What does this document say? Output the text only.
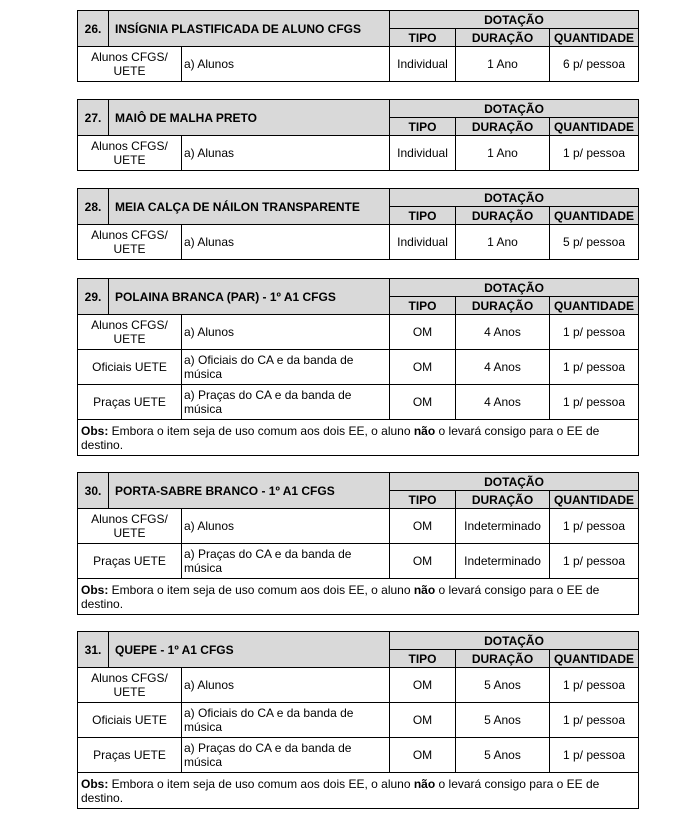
26.	INSÍGNIA PLASTIFICADA DE ALUNO CFGS		DOTAÇÃO		
			TIPO	DURAÇÃO	QUANTIDADE
Alunos CFGS/ UETE		a) Alunos	Individual	1 Ano	6 p/ pessoa
27.	MAIÔ DE MALHA PRETO		DOTAÇÃO		
			TIPO	DURAÇÃO	QUANTIDADE
Alunos CFGS/ UETE		a) Alunas	Individual	1 Ano	1 p/ pessoa
28.	MEIA CALÇA DE NÁILON TRANSPARENTE		DOTAÇÃO		
			TIPO	DURAÇÃO	QUANTIDADE
Alunos CFGS/ UETE		a) Alunas	Individual	1 Ano	5 p/ pessoa
29.	POLAINA BRANCA (PAR) - 1º A1 CFGS		DOTAÇÃO		
			TIPO	DURAÇÃO	QUANTIDADE
Alunos CFGS/ UETE		a) Alunos	OM	4 Anos	1 p/ pessoa
Oficiais UETE		a) Oficiais do CA e da banda de música	OM	4 Anos	1 p/ pessoa
Praças UETE		a) Praças do CA e da banda de música	OM	4 Anos	1 p/ pessoa
Obs: Embora o item seja de uso comum aos dois EE, o aluno não o levará consigo para o EE de destino.					
30.	PORTA-SABRE BRANCO - 1º A1 CFGS		DOTAÇÃO		
			TIPO	DURAÇÃO	QUANTIDADE
Alunos CFGS/ UETE		a) Alunos	OM	Indeterminado	1 p/ pessoa
Praças UETE		a) Praças do CA e da banda de música	OM	Indeterminado	1 p/ pessoa
Obs: Embora o item seja de uso comum aos dois EE, o aluno não o levará consigo para o EE de destino.					
31.	QUEPE - 1º A1 CFGS		DOTAÇÃO		
			TIPO	DURAÇÃO	QUANTIDADE
Alunos CFGS/ UETE		a) Alunos	OM	5 Anos	1 p/ pessoa
Oficiais UETE		a) Oficiais do CA e da banda de música	OM	5 Anos	1 p/ pessoa
Praças UETE		a) Praças do CA e da banda de música	OM	5 Anos	1 p/ pessoa
Obs: Embora o item seja de uso comum aos dois EE, o aluno não o levará consigo para o EE de destino.					
